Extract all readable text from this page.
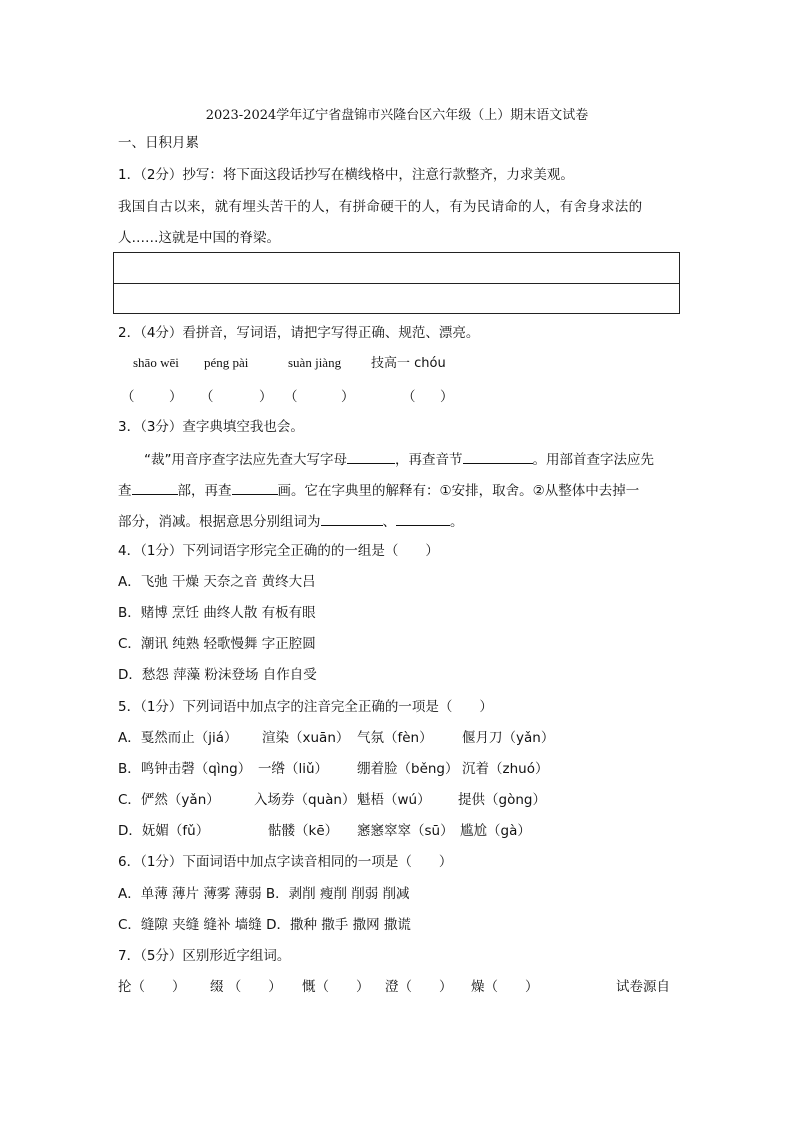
2023-2024学年辽宁省盘锦市兴隆台区六年级（上）期末语文试卷
一、日积月累
1．（2分）抄写：将下面这段话抄写在横线格中，注意行款整齐，力求美观。
我国自古以来，就有埋头苦干的人，有拼命硬干的人，有为民请命的人，有舍身求法的
人……这就是中国的脊梁。
2．（4分）看拼音，写词语，请把字写得正确、规范、漂亮。
shāo wēi péng pài	suàn jiàng 技高一 chóu
（	） （	） （	）	（ ）
3．（3分）查字典填空我也会。
“裁”用音序查字法应先查大写字母	，再查音节	。用部首查字法应先
查	部，再查	画。它在字典里的解释有：①安排，取舍。②从整体中去掉一
部分，消减。根据意思分别组词为	、	。
4．（1分）下列词语字形完全正确的的一组是（　　）
A．飞弛 干燥 天奈之音 黄终大吕
B．赌博 烹饪 曲终人散 有板有眼
C．潮讯 纯熟 轻歌慢舞 字正腔圆
D．愁怨 萍藻 粉沫登场 自作自受
5．（1分）下列词语中加点字的注音完全正确的一项是（　　）
A．戛然而止（jiá） 渲染（xuān） 气氛（fèn） 偃月刀（yǎn）
B．鸣钟击磬（qìng） 一绺（liǔ） 绷着脸（běng） 沉着（zhuó）
C．俨然（yǎn）	入场券（quàn） 魁梧（wú） 提供（gòng）
D．妩媚（fǔ）	骷髅（kē） 窸窸窣窣（sū） 尴尬（gà）
6．（1分）下面词语中加点字读音相同的一项是（　　）
A．单薄 薄片 薄雾 薄弱 B．剥削 瘦削 削弱 削减
C．缝隙 夹缝 缝补 墙缝 D．撒种 撒手 撒网 撒谎
7．（5分）区别形近字组词。
抡（　　） 缀 （　　） 慨（　　） 澄（　　） 燥（　　）	试卷源自
